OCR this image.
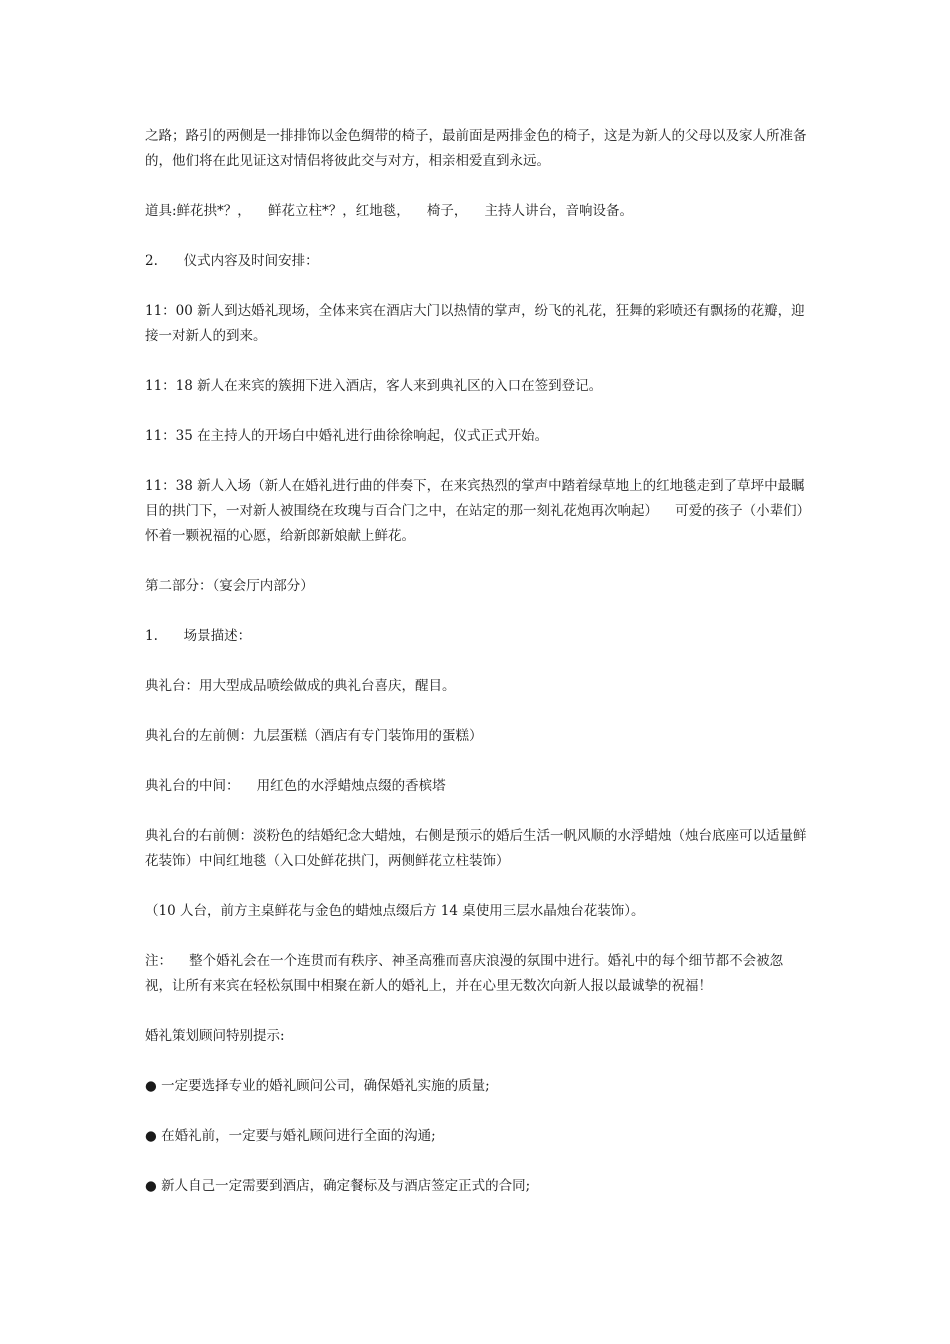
之路；路引的两侧是一排排饰以金色绸带的椅子，最前面是两排金色的椅子，这是为新人的父母以及家人所准备的，他们将在此见证这对情侣将彼此交与对方，相亲相爱直到永远。

道具:鲜花拱*？，    鲜花立柱*？，红地毯，    椅子，    主持人讲台，音响设备。

2.      仪式内容及时间安排：

11：00 新人到达婚礼现场，全体来宾在酒店大门以热情的掌声，纷飞的礼花，狂舞的彩喷还有飘扬的花瓣，迎接一对新人的到来。

11：18 新人在来宾的簇拥下进入酒店，客人来到典礼区的入口在签到登记。

11：35 在主持人的开场白中婚礼进行曲徐徐响起，仪式正式开始。

11：38 新人入场（新人在婚礼进行曲的伴奏下，在来宾热烈的掌声中踏着绿草地上的红地毯走到了草坪中最瞩目的拱门下，一对新人被围绕在玫瑰与百合门之中，在站定的那一刻礼花炮再次响起）    可爱的孩子（小辈们）怀着一颗祝福的心愿，给新郎新娘献上鲜花。

第二部分：（宴会厅内部分）

1.      场景描述：

典礼台：用大型成品喷绘做成的典礼台喜庆，醒目。

典礼台的左前侧：九层蛋糕（酒店有专门装饰用的蛋糕）

典礼台的中间：    用红色的水浮蜡烛点缀的香槟塔

典礼台的右前侧：淡粉色的结婚纪念大蜡烛，右侧是预示的婚后生活一帆风顺的水浮蜡烛（烛台底座可以适量鲜花装饰）中间红地毯（入口处鲜花拱门，两侧鲜花立柱装饰）

（10 人台，前方主桌鲜花与金色的蜡烛点缀后方 14 桌使用三层水晶烛台花装饰）。

注：    整个婚礼会在一个连贯而有秩序、神圣高雅而喜庆浪漫的氛围中进行。婚礼中的每个细节都不会被忽视，让所有来宾在轻松氛围中相聚在新人的婚礼上，并在心里无数次向新人报以最诚挚的祝福！

婚礼策划顾问特别提示:

● 一定要选择专业的婚礼顾问公司，确保婚礼实施的质量;

● 在婚礼前，一定要与婚礼顾问进行全面的沟通;

● 新人自己一定需要到酒店，确定餐标及与酒店签定正式的合同;
